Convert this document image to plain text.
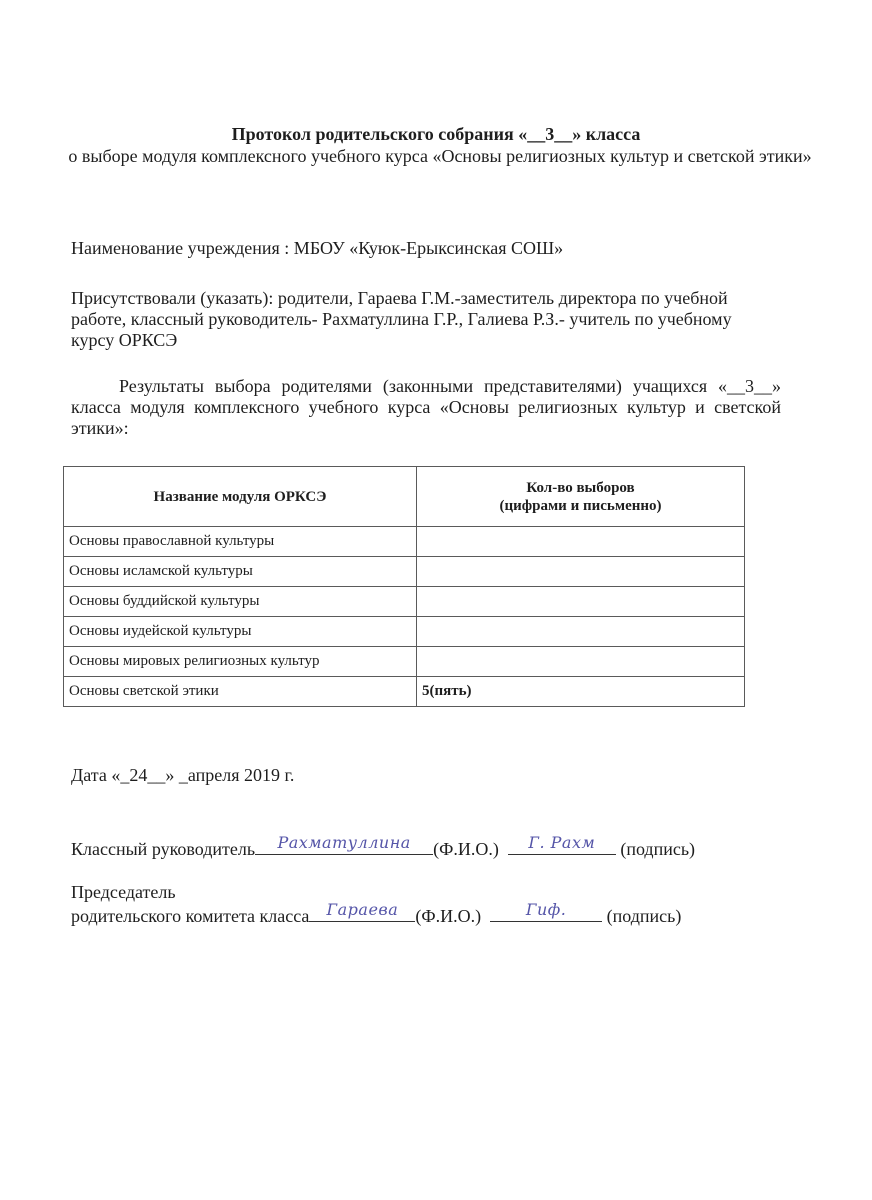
Протокол родительского собрания «__3__» класса
о выборе модуля комплексного учебного курса «Основы религиозных культур и светской этики»
Наименование учреждения : МБОУ «Куюк-Ерыксинская СОШ»
Присутствовали (указать): родители, Гараева Г.М.-заместитель директора по учебной работе, классный руководитель- Рахматуллина Г.Р., Галиева Р.З.- учитель по учебному курсу ОРКСЭ
Результаты выбора родителями (законными представителями) учащихся «__3__» класса модуля комплексного учебного курса «Основы религиозных культур и светской этики»:
Название модуля ОРКСЭ	Кол-во выборов
(цифрами и письменно)

Основы православной культуры	
Основы исламской культуры	
Основы буддийской культуры	
Основы иудейской культуры	
Основы мировых религиозных культур	
Основы светской этики	5(пять)
Дата «_24__» _апреля 2019 г.
Классный руководитель	Рахматуллина	(Ф.И.О.)	Г. Рахм	(подпись)
Председатель
родительского комитета класса	Гараева (Ф.И.О.)	Гиф.	(подпись)
